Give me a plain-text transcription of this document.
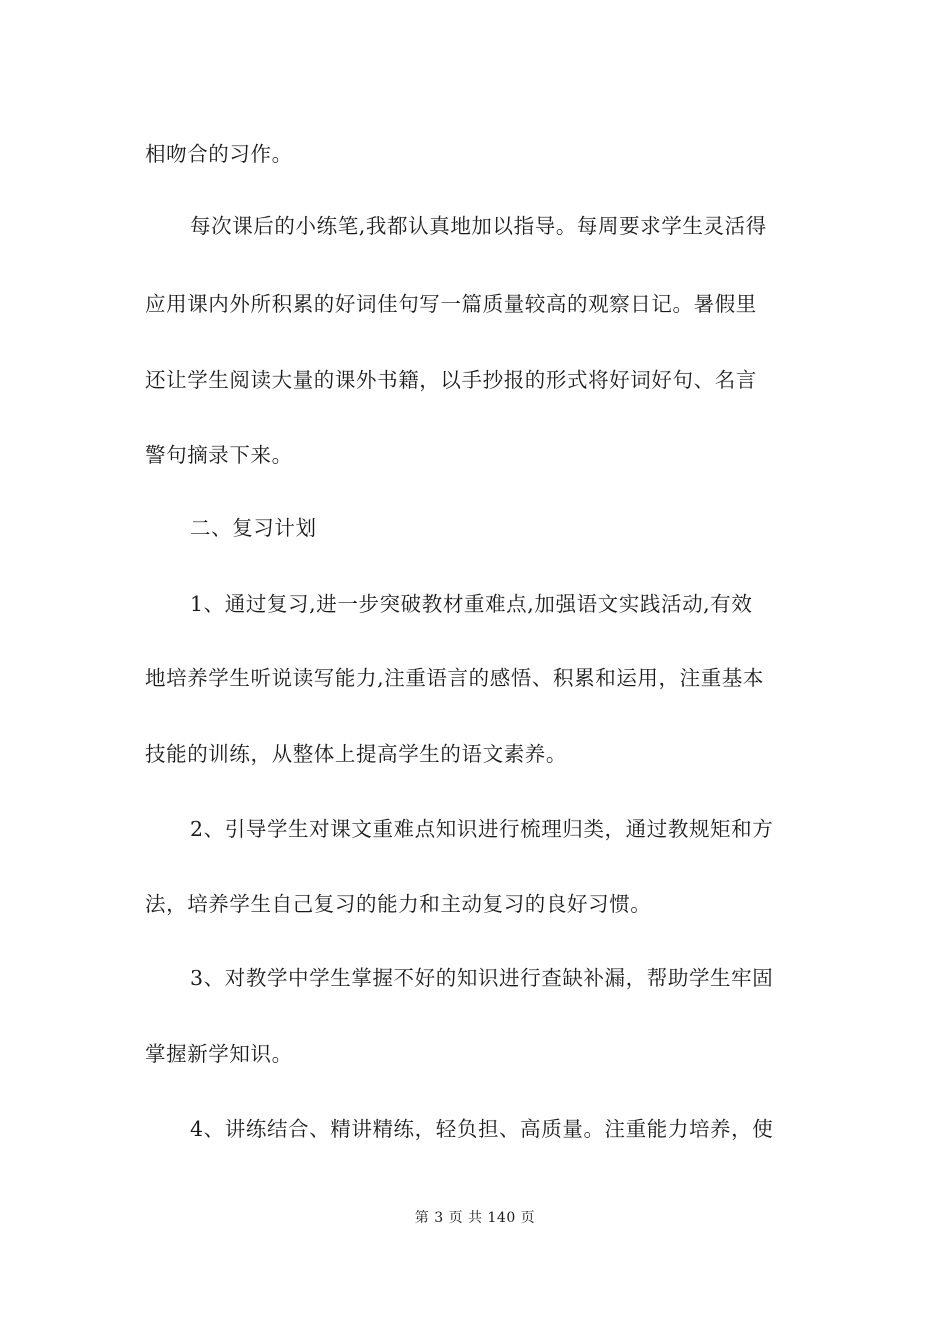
相吻合的习作。
每次课后的小练笔,我都认真地加以指导。每周要求学生灵活得
应用课内外所积累的好词佳句写一篇质量较高的观察日记。暑假里
还让学生阅读大量的课外书籍，以手抄报的形式将好词好句、名言
警句摘录下来。
二、复习计划
1、通过复习,进一步突破教材重难点,加强语文实践活动,有效
地培养学生听说读写能力,注重语言的感悟、积累和运用，注重基本
技能的训练，从整体上提高学生的语文素养。
2、引导学生对课文重难点知识进行梳理归类，通过教规矩和方
法，培养学生自己复习的能力和主动复习的良好习惯。
3、对教学中学生掌握不好的知识进行查缺补漏，帮助学生牢固
掌握新学知识。
4、讲练结合、精讲精练，轻负担、高质量。注重能力培养，使
第 3 页 共 140 页
